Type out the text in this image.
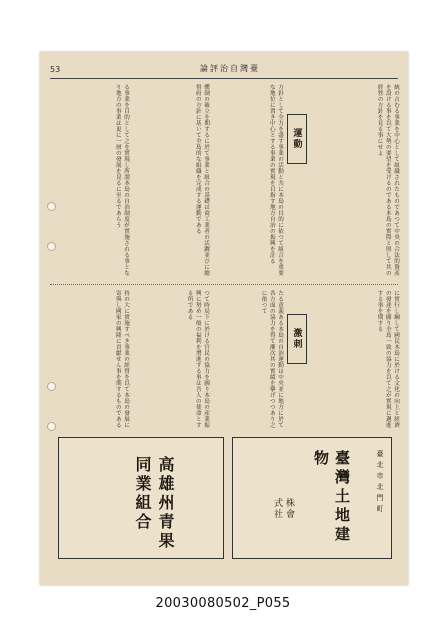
53	論評治自灣臺
統の占むる事業を中心として組織されたものであつて中央の合法的資產を設ける事を以て大勢の要望を受けるのである本島の實際と照して其の經營の方針を見る事にせよ
運動
方針として全力を盡す事業の活動と共に本島の目的に依つて組合を重要な地位に置き中心とする事業の實現を目指す地方自治の振興を計る
體制の確立を期するに於て事業と組合の基礎は商工業者の活躍並びに總督府の方針に基いて全島的な組織を完成する運動である
る事業を目的として之を實現し所謂本島の自治制度が實施される事となり地方の事業は更に一層の發展を見るに至るであらう
に實行し綱して國民本島に於ける文化の向上と經濟の發達を圖り全島一致の協力を以て之が實現に邁進する事を期する
激刺
たる意義ある本島の自治運動は中央並に地方に於て各方面の協力を得て漸次其の實績を擧げつつあり之に依つて
つて時局下に於ける官民の協力を圖り本島の產業振興に努め一般の福利を增進する事は吾人の使命とする所である
持の大に實施すべき事業の經營を以て本島の發展に寄與し國家の興隆に貢獻せん事を期するものである
臺北市北門町
臺灣土地建物
株會
式社
高雄州青果同業組合
20030080502_P055
